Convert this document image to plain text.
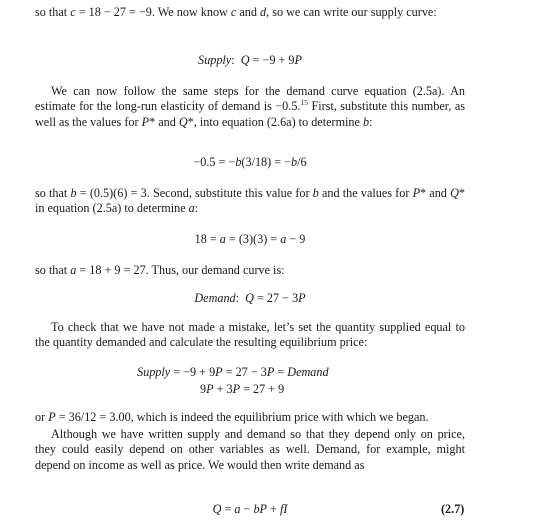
so that c = 18 − 27 = −9. We now know c and d, so we can write our supply curve:

Supply:  Q = −9 + 9P

We can now follow the same steps for the demand curve equation (2.5a). An estimate for the long-run elasticity of demand is −0.5.15 First, substitute this number, as well as the values for P* and Q*, into equation (2.6a) to determine b:

−0.5 = −b(3/18) = −b/6

so that b = (0.5)(6) = 3. Second, substitute this value for b and the values for P* and Q* in equation (2.5a) to determine a:

18 = a = (3)(3) = a − 9

so that a = 18 + 9 = 27. Thus, our demand curve is:

Demand:  Q = 27 − 3P

To check that we have not made a mistake, let’s set the quantity supplied equal to the quantity demanded and calculate the resulting equilibrium price:

Supply = −9 + 9P = 27 − 3P = Demand
9P + 3P = 27 + 9

or P = 36/12 = 3.00, which is indeed the equilibrium price with which we began.

Although we have written supply and demand so that they depend only on price, they could easily depend on other variables as well. Demand, for example, might depend on income as well as price. We would then write demand as

Q = a − bP + fI	(2.7)
